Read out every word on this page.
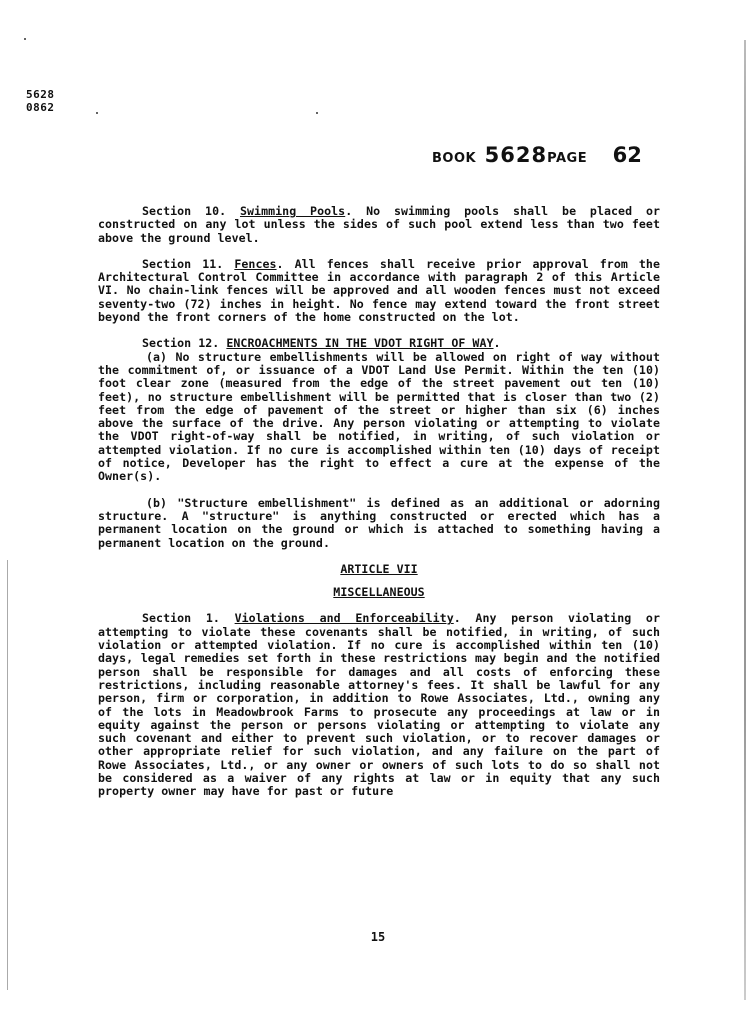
5628
0862
BOOK 5628PAGE 62

Section 10. Swimming Pools. No swimming pools shall be placed or constructed on any lot unless the sides of such pool extend less than two feet above the ground level.

Section 11. Fences. All fences shall receive prior approval from the Architectural Control Committee in accordance with paragraph 2 of this Article VI. No chain-link fences will be approved and all wooden fences must not exceed seventy-two (72) inches in height. No fence may extend toward the front street beyond the front corners of the home constructed on the lot.

Section 12. ENCROACHMENTS IN THE VDOT RIGHT OF WAY.
(a) No structure embellishments will be allowed on right of way without the commitment of, or issuance of a VDOT Land Use Permit. Within the ten (10) foot clear zone (measured from the edge of the street pavement out ten (10) feet), no structure embellishment will be permitted that is closer than two (2) feet from the edge of pavement of the street or higher than six (6) inches above the surface of the drive. Any person violating or attempting to violate the VDOT right-of-way shall be notified, in writing, of such violation or attempted violation. If no cure is accomplished within ten (10) days of receipt of notice, Developer has the right to effect a cure at the expense of the Owner(s).

(b) "Structure embellishment" is defined as an additional or adorning structure. A "structure" is anything constructed or erected which has a permanent location on the ground or which is attached to something having a permanent location on the ground.

ARTICLE VII
MISCELLANEOUS

Section 1. Violations and Enforceability. Any person violating or attempting to violate these covenants shall be notified, in writing, of such violation or attempted violation. If no cure is accomplished within ten (10) days, legal remedies set forth in these restrictions may begin and the notified person shall be responsible for damages and all costs of enforcing these restrictions, including reasonable attorney's fees. It shall be lawful for any person, firm or corporation, in addition to Rowe Associates, Ltd., owning any of the lots in Meadowbrook Farms to prosecute any proceedings at law or in equity against the person or persons violating or attempting to violate any such covenant and either to prevent such violation, or to recover damages or other appropriate relief for such violation, and any failure on the part of Rowe Associates, Ltd., or any owner or owners of such lots to do so shall not be considered as a waiver of any rights at law or in equity that any such property owner may have for past or future

15
